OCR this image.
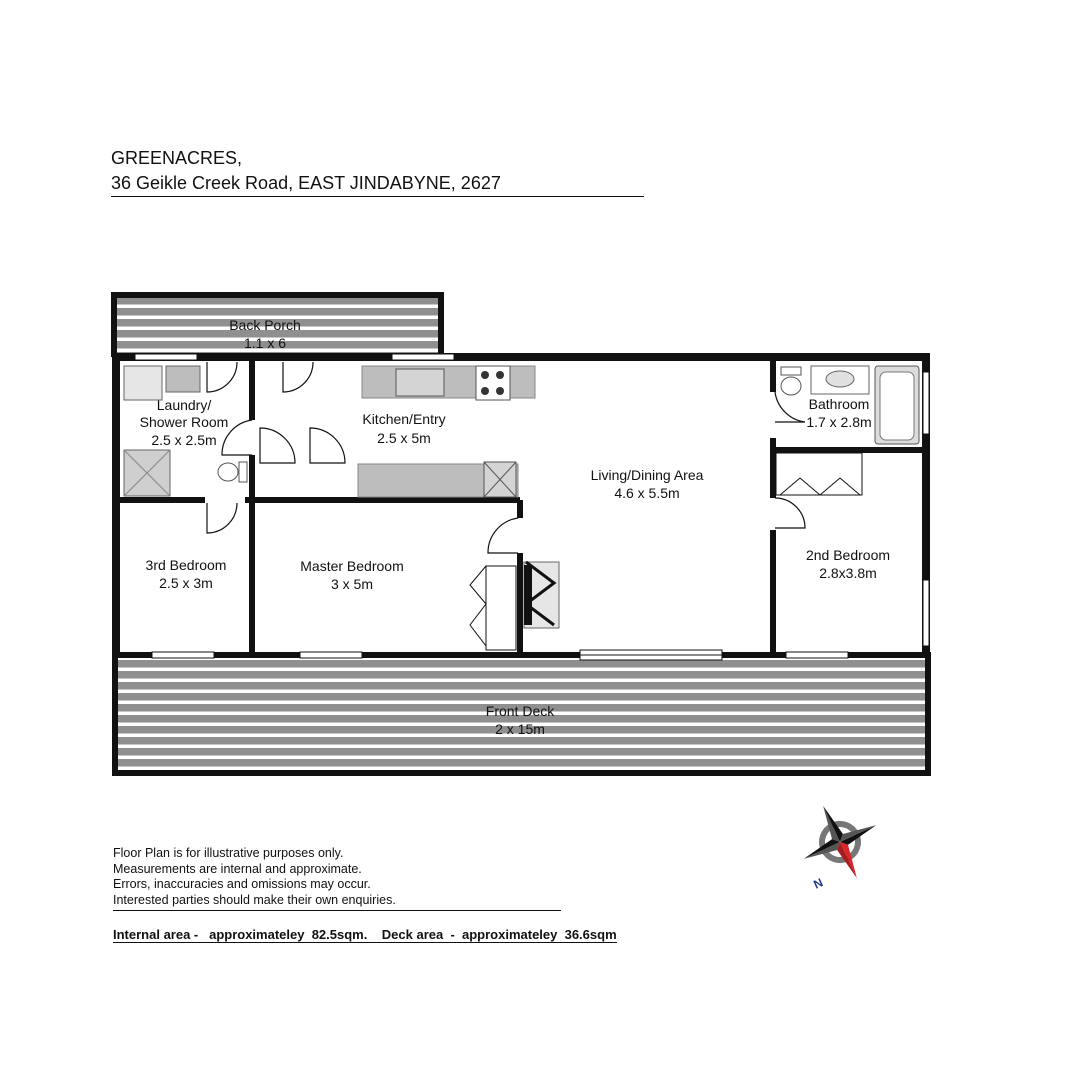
GREENACRES,
36 Geikle Creek Road, EAST JINDABYNE, 2627
Back Porch
1.1 x 6
Laundry/
Shower Room
2.5 x 2.5m
Kitchen/Entry
2.5 x 5m
Living/Dining Area
4.6 x 5.5m
Bathroom
1.7 x 2.8m
3rd Bedroom
2.5 x 3m
Master Bedroom
3 x 5m
2nd Bedroom
2.8x3.8m
Front Deck
2 x 15m
N
Floor Plan is for illustrative purposes only.
Measurements are internal and approximate.
Errors, inaccuracies and omissions may occur.
Interested parties should make their own enquiries.
Internal area -   approximateley  82.5sqm.    Deck area  -  approximateley  36.6sqm
